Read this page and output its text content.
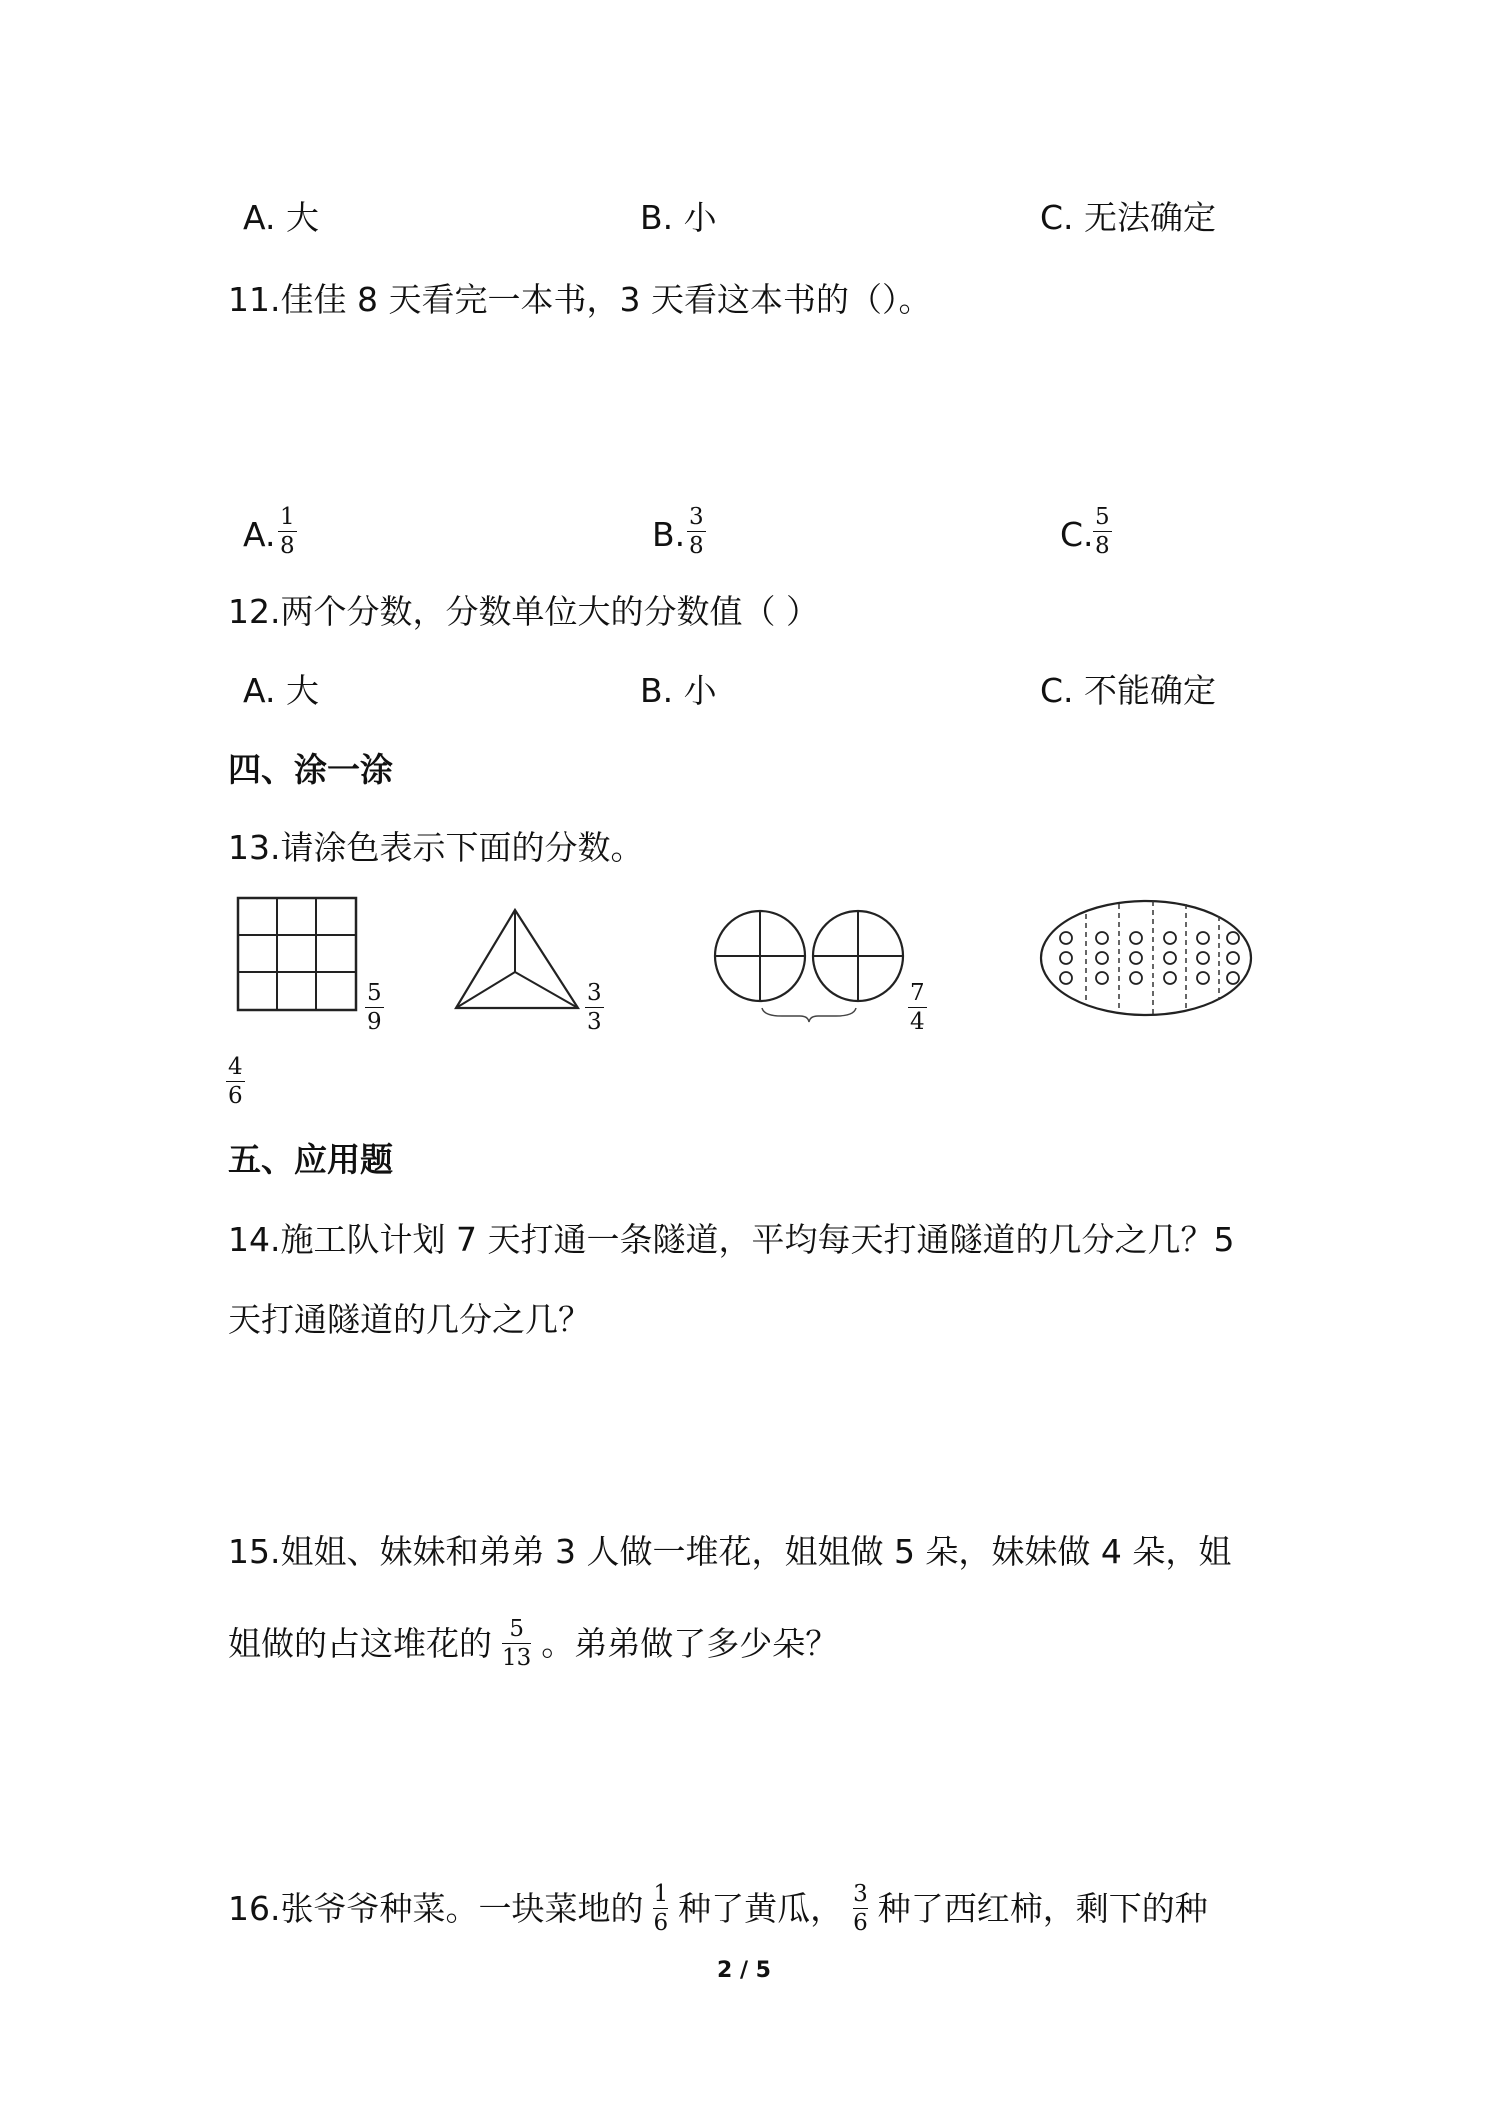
A. 大	B. 小	C. 无法确定
11.佳佳 8 天看完一本书，3 天看这本书的（）。
A. 1
8	B. 3
8	C. 5
8
12.两个分数，分数单位大的分数值（ ）
A. 大	B. 小	C. 不能确定
四、涂一涂
13.请涂色表示下面的分数。
5
9
3
3
7
4
4
6
五、应用题
14.施工队计划 7 天打通一条隧道，平均每天打通隧道的几分之几？5
天打通隧道的几分之几？
15.姐姐、妹妹和弟弟 3 人做一堆花，姐姐做 5 朵，妹妹做 4 朵，姐
姐做的占这堆花的 $\frac{5}{13}$ 。弟弟做了多少朵？
16.张爷爷种菜。一块菜地的 $\frac{1}{6}$ 种了黄瓜， $\frac{3}{6}$ 种了西红柿，剩下的种
2 / 5
